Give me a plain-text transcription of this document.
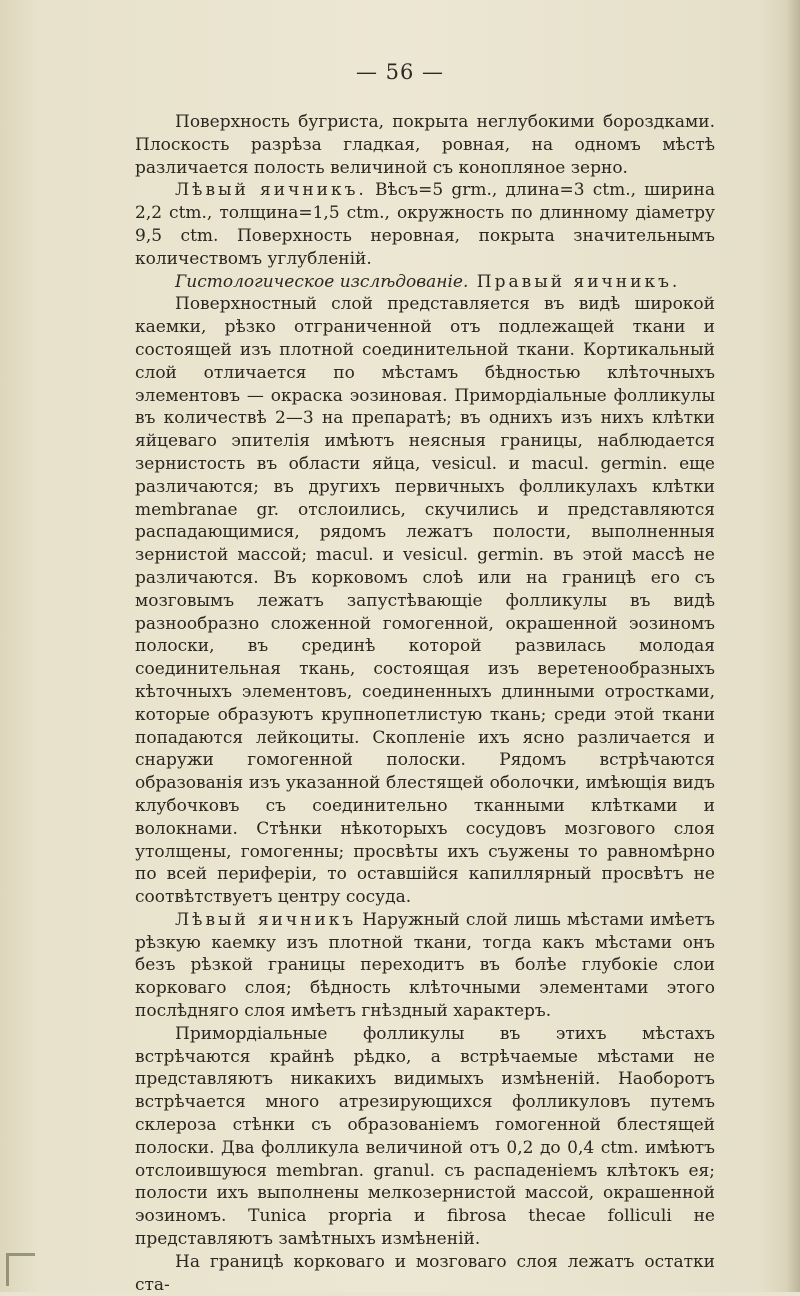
— 56 —

Поверхность бугриста, покрыта неглубокими бороздками. Плоскость разрѣза гладкая, ровная, на одномъ мѣстѣ различается полость величиной съ конопляное зерно.

Лѣвый яичникъ. Вѣсъ=5 grm., длина=3 ctm., ширина 2,2 ctm., толщина=1,5 ctm., окружность по длинному діаметру 9,5 ctm. Поверхность неровная, покрыта значительнымъ количествомъ углубленій.

Гистологическое изслѣдованіе. Правый яичникъ.

Поверхностный слой представляется въ видѣ широкой каемки, рѣзко отграниченной отъ подлежащей ткани и состоящей изъ плотной соединительной ткани. Кортикальный слой отличается по мѣстамъ бѣдностью клѣточныхъ элементовъ — окраска эозиновая. Примордіальные фолликулы въ количествѣ 2—3 на препаратѣ; въ однихъ изъ нихъ клѣтки яйцеваго эпителія имѣютъ неясныя границы, наблюдается зернистость въ области яйца, vesicul. и macul. germin. еще различаются; въ другихъ первичныхъ фолликулахъ клѣтки membranae gr. отслоились, скучились и представляются распадающимися, рядомъ лежатъ полости, выполненныя зернистой массой; macul. и vesicul. germin. въ этой массѣ не различаются. Въ корковомъ слоѣ или на границѣ его съ мозговымъ лежатъ запустѣвающіе фолликулы въ видѣ разнообразно сложенной гомогенной, окрашенной эозиномъ полоски, въ срединѣ которой развилась молодая соединительная ткань, состоящая изъ веретенообразныхъ кѣточныхъ элементовъ, соединенныхъ длинными отростками, которые образуютъ крупнопетлистую ткань; среди этой ткани попадаются лейкоциты. Скопленіе ихъ ясно различается и снаружи гомогенной полоски. Рядомъ встрѣчаются образованія изъ указанной блестящей оболочки, имѣющія видъ клубочковъ съ соединительно тканными клѣтками и волокнами. Стѣнки нѣкоторыхъ сосудовъ мозгового слоя утолщены, гомогенны; просвѣты ихъ съужены то равномѣрно по всей периферіи, то оставшійся капиллярный просвѣтъ не соотвѣтствуетъ центру сосуда.

Лѣвый яичникъ Наружный слой лишь мѣстами имѣетъ рѣзкую каемку изъ плотной ткани, тогда какъ мѣстами онъ безъ рѣзкой границы переходитъ въ болѣе глубокіе слои корковаго слоя; бѣдность клѣточными элементами этого послѣдняго слоя имѣетъ гнѣздный характеръ.

Примордіальные фолликулы въ этихъ мѣстахъ встрѣчаются крайнѣ рѣдко, а встрѣчаемые мѣстами не представляютъ никакихъ видимыхъ измѣненій. Наоборотъ встрѣчается много атрезирующихся фолликуловъ путемъ склероза стѣнки съ образованіемъ гомогенной блестящей полоски. Два фолликула величиной отъ 0,2 до 0,4 ctm. имѣютъ отслоившуюся membran. granul. съ распаденіемъ клѣтокъ ея; полости ихъ выполнены мелкозернистой массой, окрашенной эозиномъ. Tunica propria и fibrosa thecae folliculi не представляютъ замѣтныхъ измѣненій.

На границѣ корковаго и мозговаго слоя лежатъ остатки ста-
